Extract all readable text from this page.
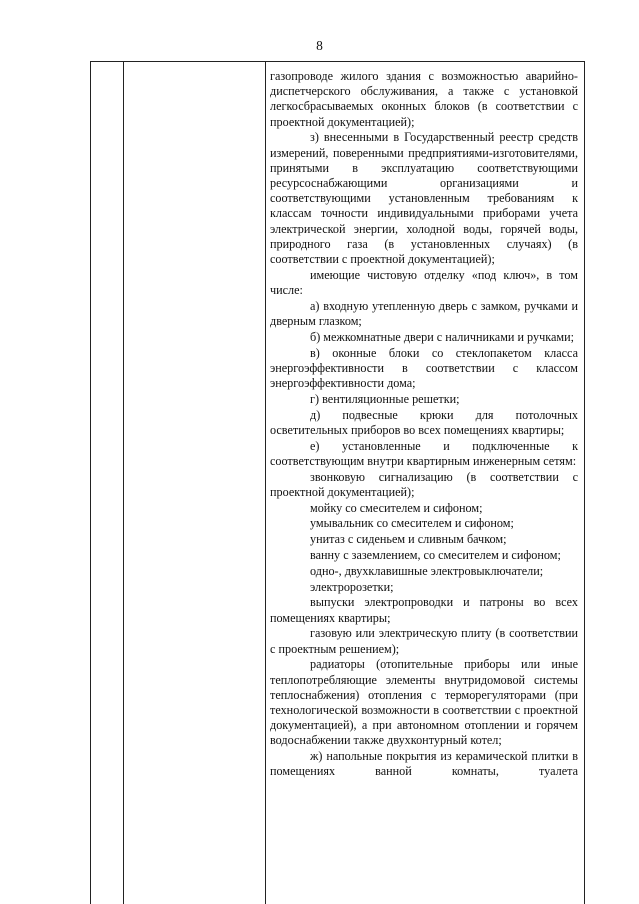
8

газопроводе жилого здания с возможностью аварийно-диспетчерского обслуживания, а также с установкой легкосбрасываемых оконных блоков (в соответствии с проектной документацией);

з) внесенными в Государственный реестр средств измерений, поверенными предприятиями-изготовителями, принятыми в эксплуатацию соответствующими ресурсоснабжающими организациями и соответствующими установленным требованиям к классам точности индивидуальными приборами учета электрической энергии, холодной воды, горячей воды, природного газа (в установленных случаях) (в соответствии с проектной документацией);

имеющие чистовую отделку «под ключ», в том числе:

а) входную утепленную дверь с замком, ручками и дверным глазком;

б) межкомнатные двери с наличниками и ручками;

в) оконные блоки со стеклопакетом класса энергоэффективности в соответствии с классом энергоэффективности дома;

г) вентиляционные решетки;

д) подвесные крюки для потолочных осветительных приборов во всех помещениях квартиры;

е) установленные и подключенные к соответствующим внутри квартирным инженерным сетям:

звонковую сигнализацию (в соответствии с проектной документацией);

мойку со смесителем и сифоном;

умывальник со смесителем и сифоном;

унитаз с сиденьем и сливным бачком;

ванну с заземлением, со смесителем и сифоном;

одно-, двухклавишные электровыключатели;

электророзетки;

выпуски электропроводки и патроны во всех помещениях квартиры;

газовую или электрическую плиту (в соответствии с проектным решением);

радиаторы (отопительные приборы или иные теплопотребляющие элементы внутридомовой системы теплоснабжения) отопления с терморегуляторами (при технологической возможности в соответствии с проектной документацией), а при автономном отоплении и горячем водоснабжении также двухконтурный котел;

ж) напольные покрытия из керамической плитки в помещениях ванной комнаты, туалета
